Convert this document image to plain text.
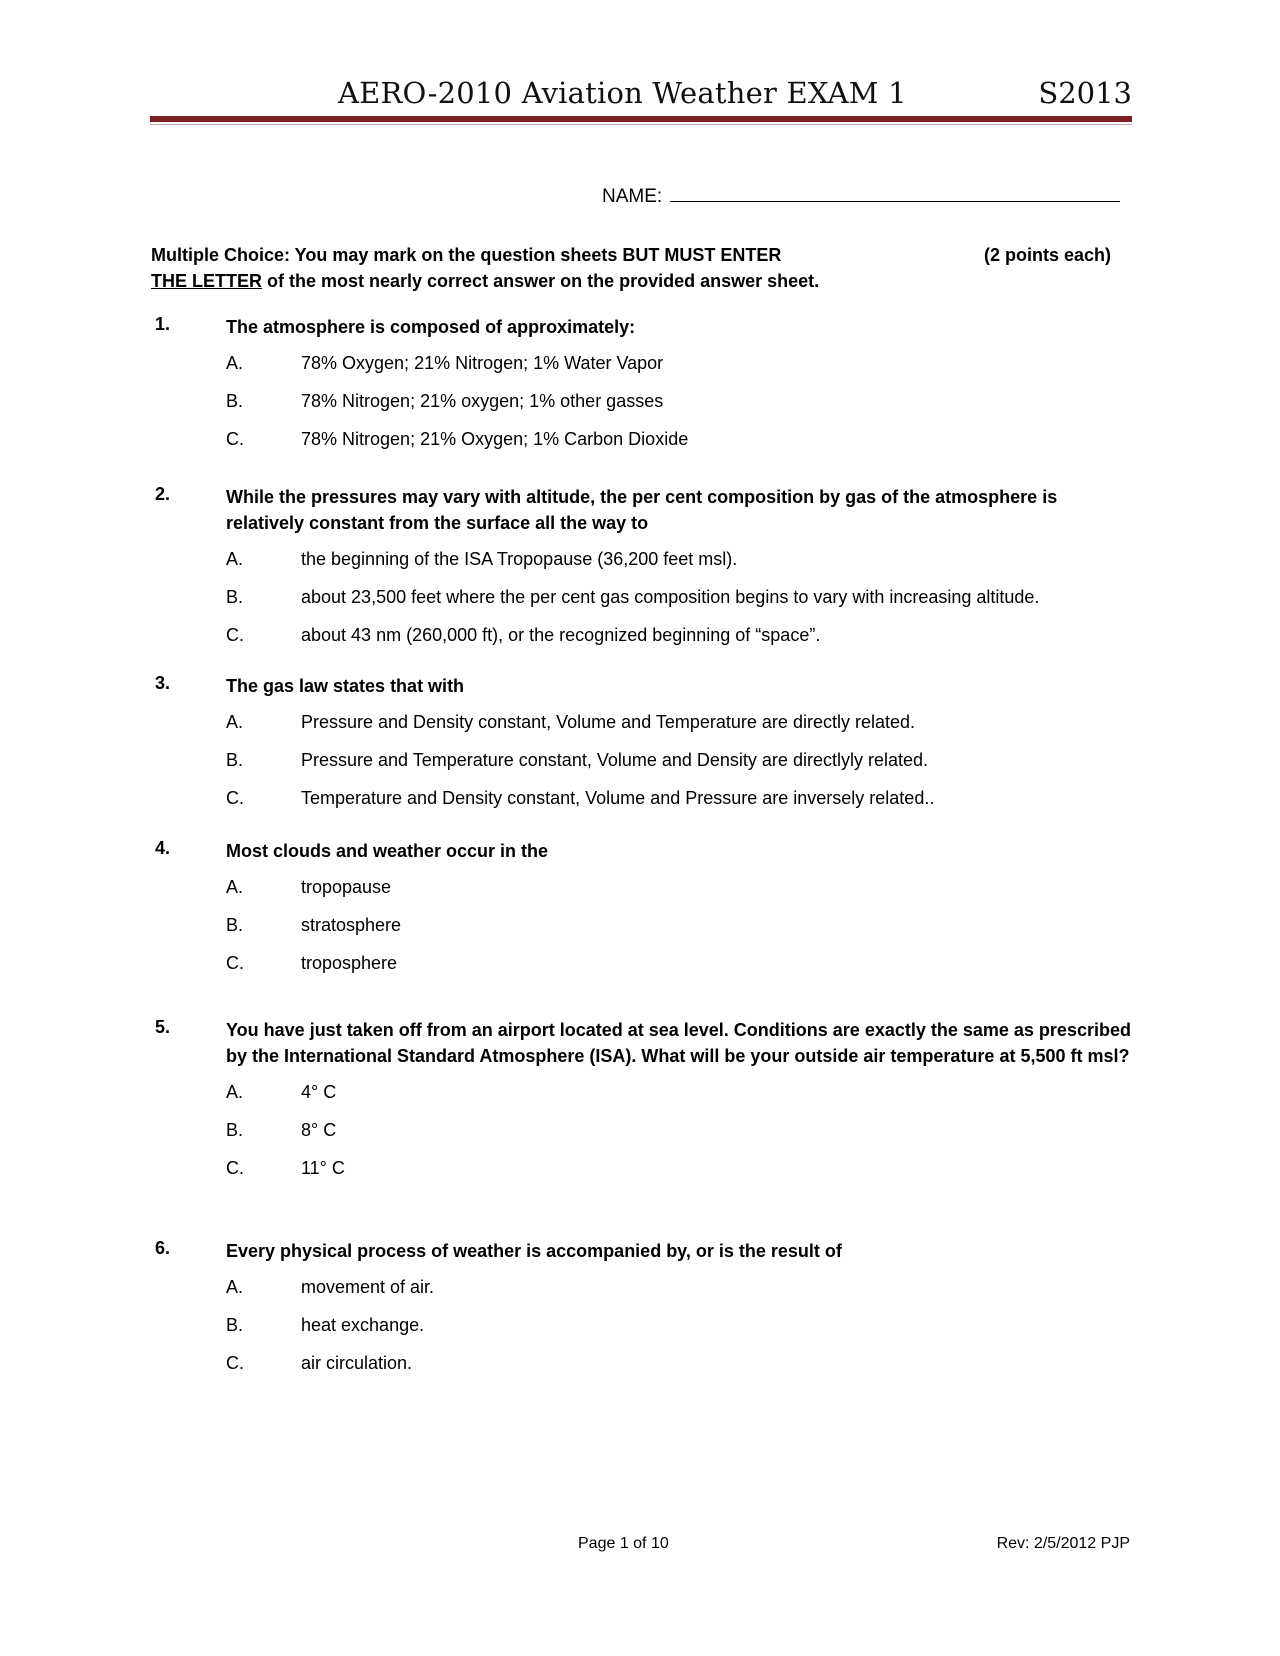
AERO-2010 Aviation Weather EXAM 1	S2013
NAME:
Multiple Choice: You may mark on the question sheets BUT MUST ENTER
THE LETTER of the most nearly correct answer on the provided answer sheet.
(2 points each)
1.	The atmosphere is composed of approximately:
A.	78% Oxygen; 21% Nitrogen; 1% Water Vapor
B.	78% Nitrogen; 21% oxygen; 1% other gasses
C.	78% Nitrogen; 21% Oxygen; 1% Carbon Dioxide
2.	While the pressures may vary with altitude, the per cent composition by gas of the atmosphere is relatively constant from the surface all the way to
A.	the beginning of the ISA Tropopause (36,200 feet msl).
B.	about 23,500 feet where the per cent gas composition begins to vary with increasing altitude.
C.	about 43 nm (260,000 ft), or the recognized beginning of “space”.
3.	The gas law states that with
A.	Pressure and Density constant, Volume and Temperature are directly related.
B.	Pressure and Temperature constant, Volume and Density are directlyly related.
C.	Temperature and Density constant, Volume and Pressure are inversely related..
4.	Most clouds and weather occur in the
A.	tropopause
B.	stratosphere
C.	troposphere
5.	You have just taken off from an airport located at sea level. Conditions are exactly the same as prescribed by the International Standard Atmosphere (ISA). What will be your outside air temperature at 5,500 ft msl?
A.	4° C
B.	8° C
C.	11° C
6.	Every physical process of weather is accompanied by, or is the result of
A.	movement of air.
B.	heat exchange.
C.	air circulation.
Page 1 of 10	Rev: 2/5/2012 PJP
